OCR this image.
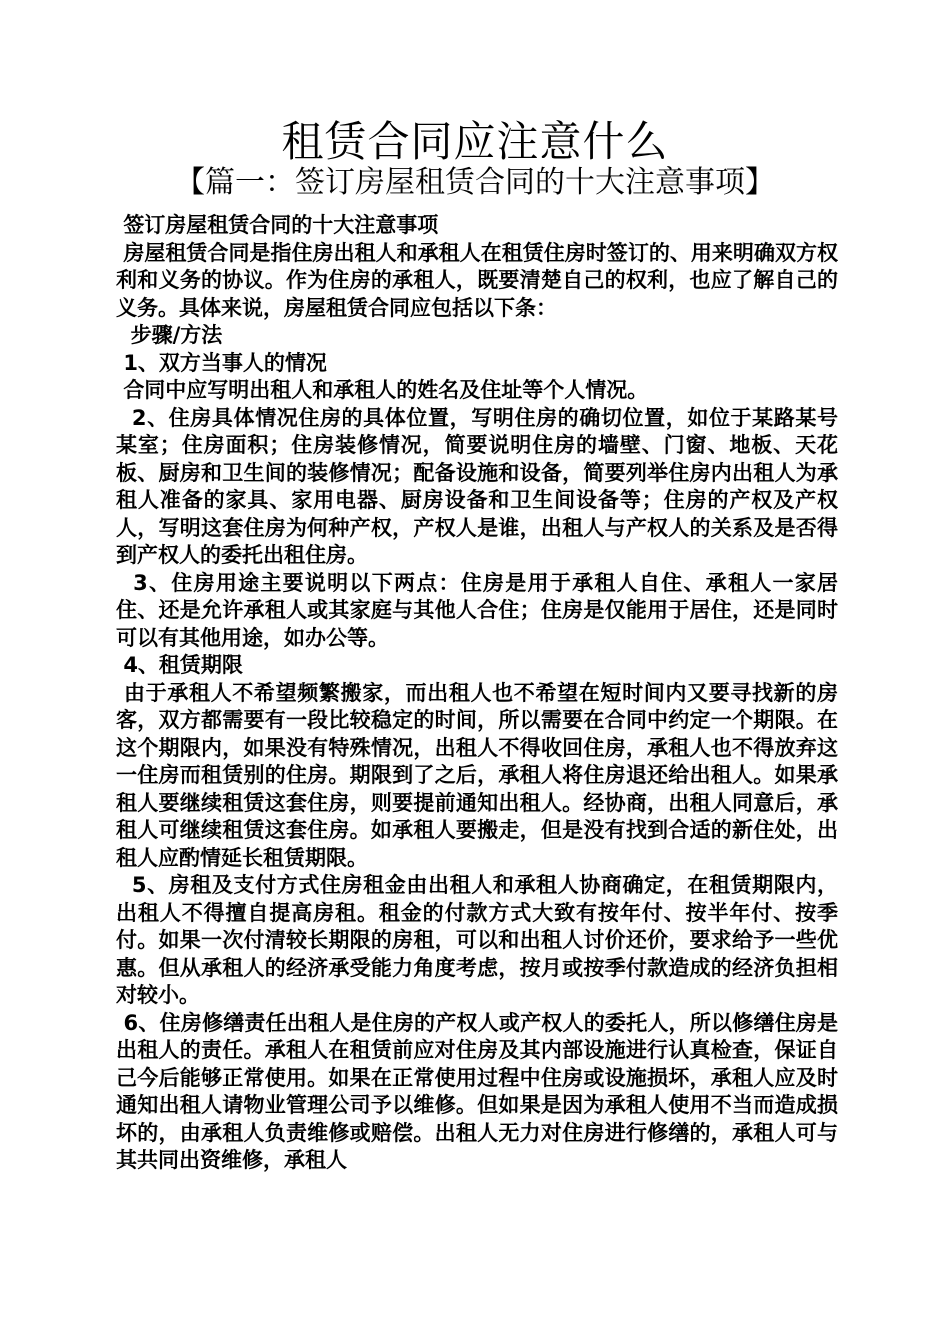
租赁合同应注意什么
【篇一：签订房屋租赁合同的十大注意事项】

签订房屋租赁合同的十大注意事项

房屋租赁合同是指住房出租人和承租人在租赁住房时签订的、用来明确双方权利和义务的协议。作为住房的承租人，既要清楚自己的权利，也应了解自己的义务。具体来说，房屋租赁合同应包括以下条：

步骤/方法

1、双方当事人的情况

合同中应写明出租人和承租人的姓名及住址等个人情况。

2、住房具体情况住房的具体位置，写明住房的确切位置，如位于某路某号某室；住房面积；住房装修情况，简要说明住房的墙壁、门窗、地板、天花板、厨房和卫生间的装修情况；配备设施和设备，简要列举住房内出租人为承租人准备的家具、家用电器、厨房设备和卫生间设备等；住房的产权及产权人，写明这套住房为何种产权，产权人是谁，出租人与产权人的关系及是否得到产权人的委托出租住房。

3、住房用途主要说明以下两点：住房是用于承租人自住、承租人一家居住、还是允许承租人或其家庭与其他人合住；住房是仅能用于居住，还是同时可以有其他用途，如办公等。

4、租赁期限

由于承租人不希望频繁搬家，而出租人也不希望在短时间内又要寻找新的房客，双方都需要有一段比较稳定的时间，所以需要在合同中约定一个期限。在这个期限内，如果没有特殊情况，出租人不得收回住房，承租人也不得放弃这一住房而租赁别的住房。期限到了之后，承租人将住房退还给出租人。如果承租人要继续租赁这套住房，则要提前通知出租人。经协商，出租人同意后，承租人可继续租赁这套住房。如承租人要搬走，但是没有找到合适的新住处，出租人应酌情延长租赁期限。

5、房租及支付方式住房租金由出租人和承租人协商确定，在租赁期限内，出租人不得擅自提高房租。租金的付款方式大致有按年付、按半年付、按季付。如果一次付清较长期限的房租，可以和出租人讨价还价，要求给予一些优惠。但从承租人的经济承受能力角度考虑，按月或按季付款造成的经济负担相对较小。

6、住房修缮责任出租人是住房的产权人或产权人的委托人，所以修缮住房是出租人的责任。承租人在租赁前应对住房及其内部设施进行认真检查，保证自己今后能够正常使用。如果在正常使用过程中住房或设施损坏，承租人应及时通知出租人请物业管理公司予以维修。但如果是因为承租人使用不当而造成损坏的，由承租人负责维修或赔偿。出租人无力对住房进行修缮的，承租人可与其共同出资维修，承租人
